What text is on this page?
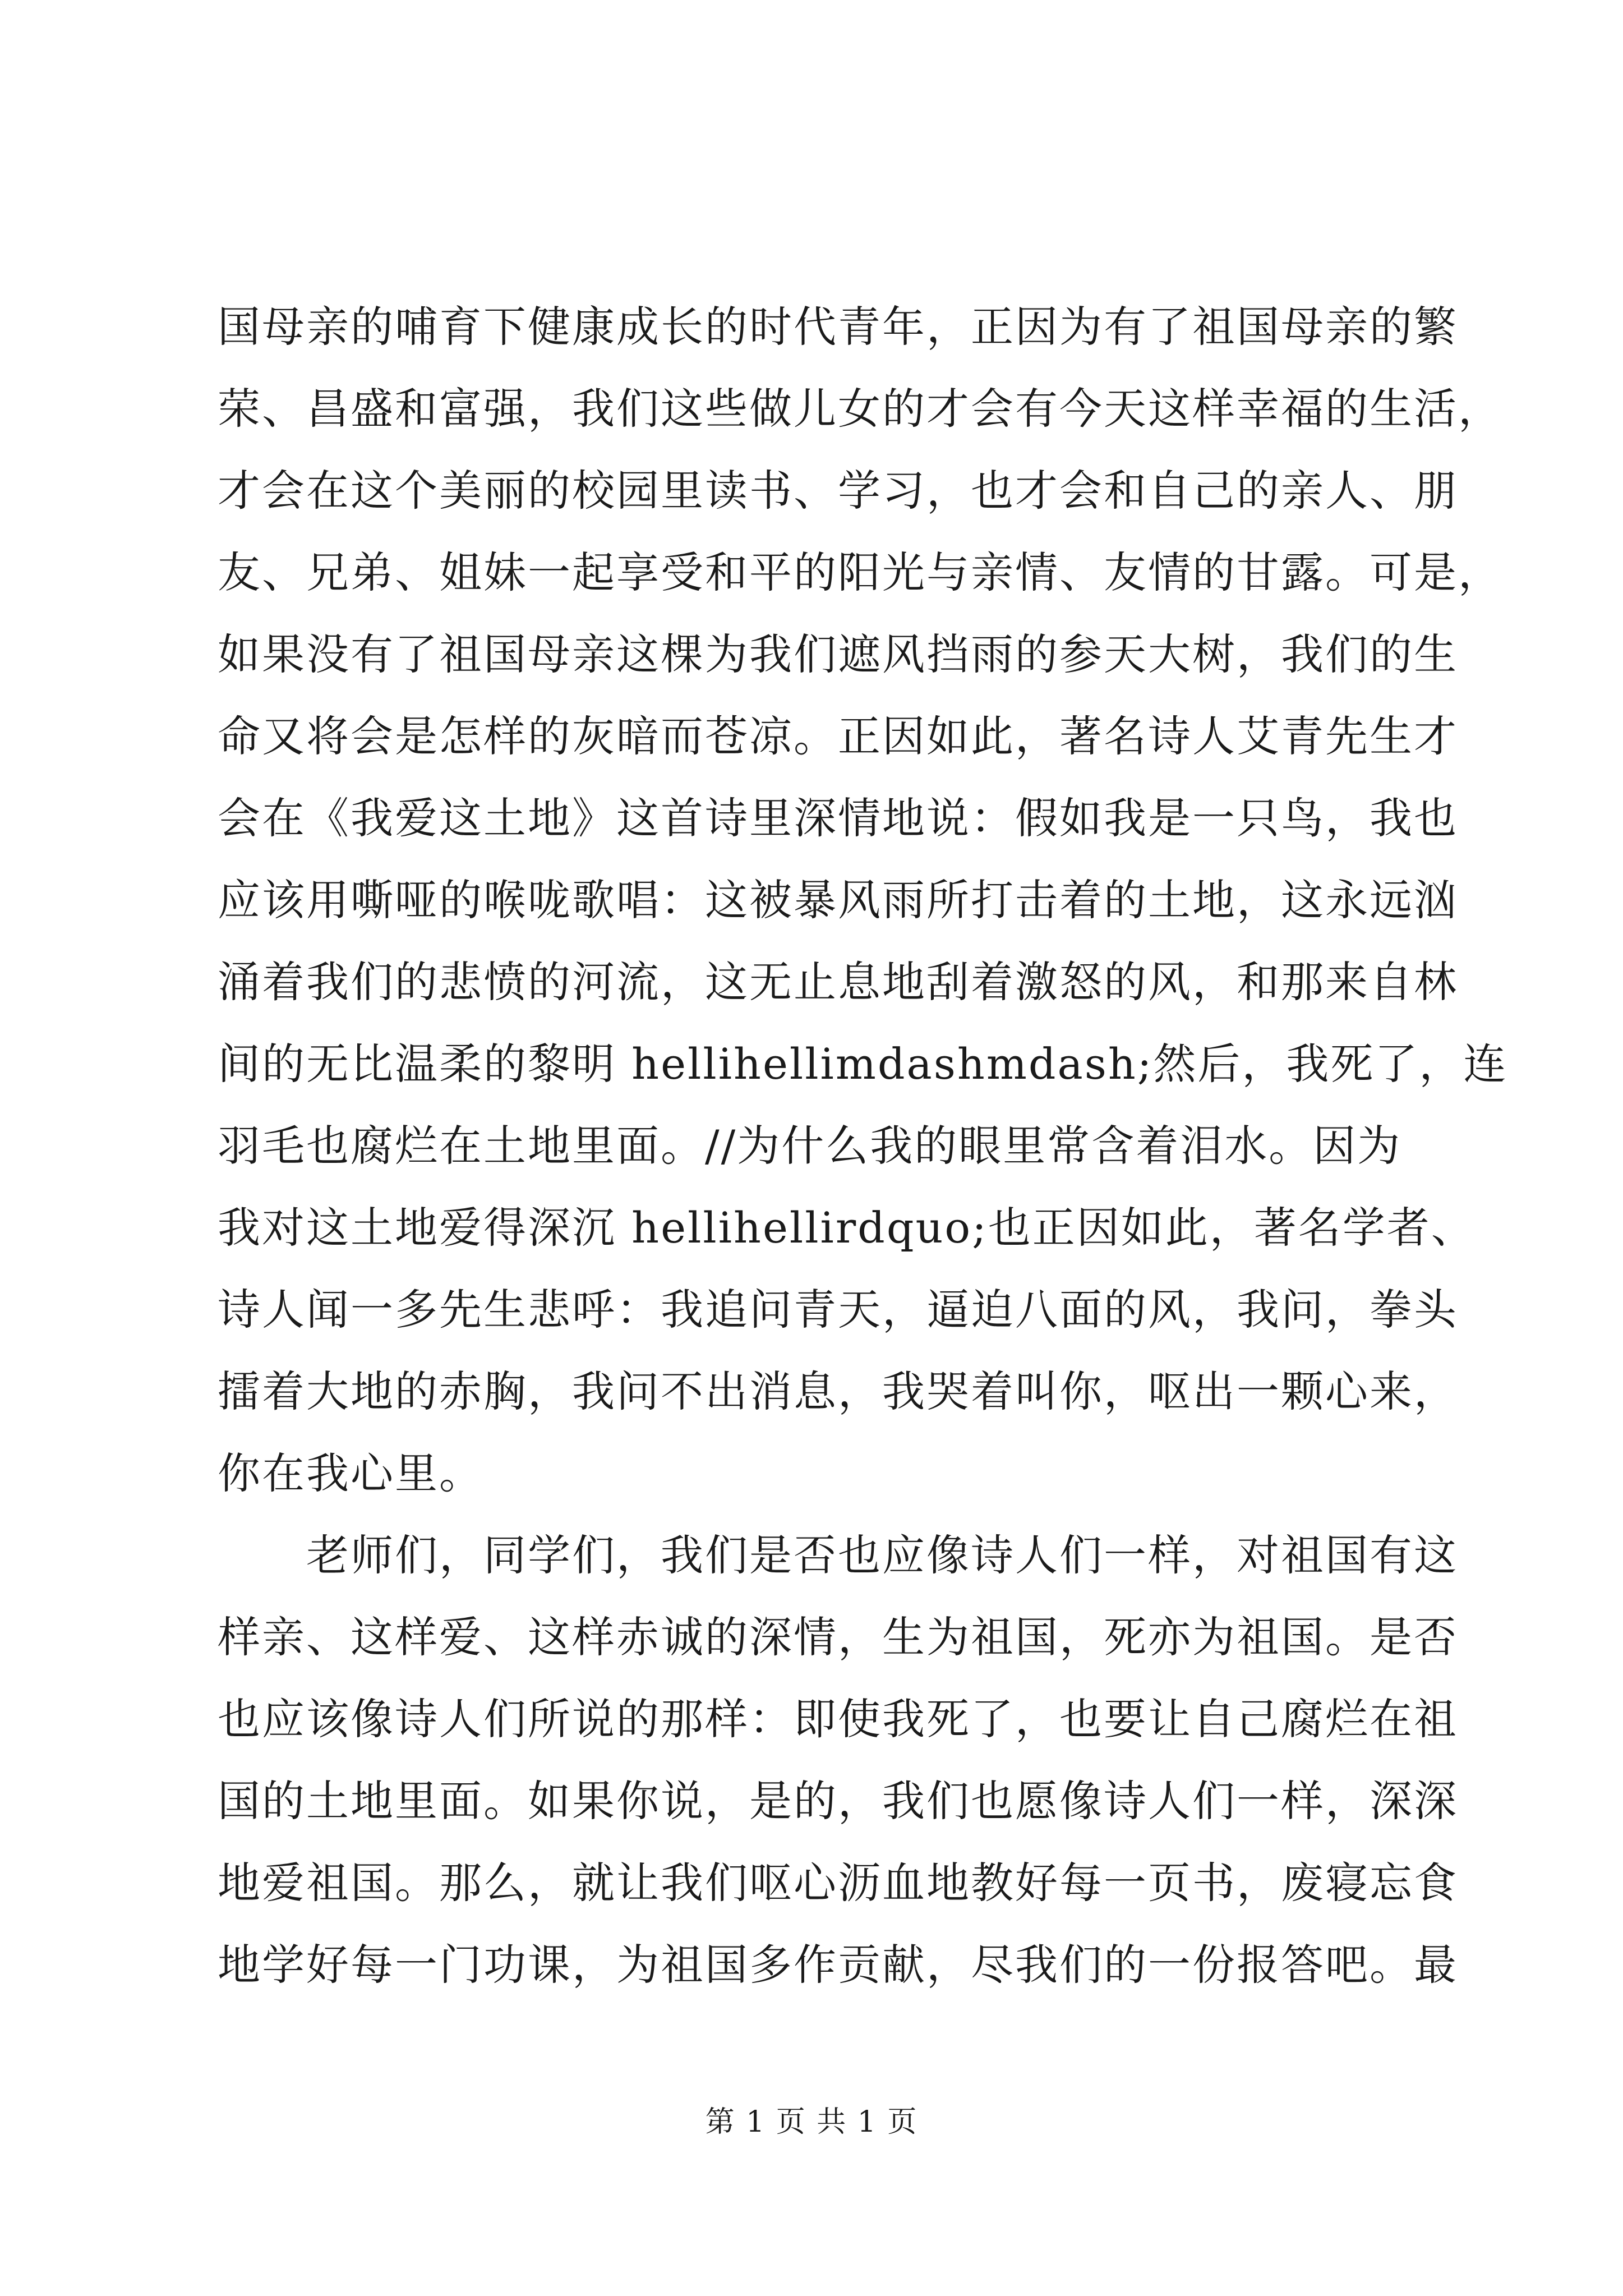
国母亲的哺育下健康成长的时代青年，正因为有了祖国母亲的繁
荣、昌盛和富强，我们这些做儿女的才会有今天这样幸福的生活，
才会在这个美丽的校园里读书、学习，也才会和自己的亲人、朋
友、兄弟、姐妹一起享受和平的阳光与亲情、友情的甘露。可是，
如果没有了祖国母亲这棵为我们遮风挡雨的参天大树，我们的生
命又将会是怎样的灰暗而苍凉。正因如此，著名诗人艾青先生才
会在《我爱这土地》这首诗里深情地说：假如我是一只鸟，我也
应该用嘶哑的喉咙歌唱：这被暴风雨所打击着的土地，这永远汹
涌着我们的悲愤的河流，这无止息地刮着激怒的风，和那来自林
间的无比温柔的黎明 hellihellimdashmdash;然后，我死了，连
羽毛也腐烂在土地里面。//为什么我的眼里常含着泪水。因为
我对这土地爱得深沉 hellihellirdquo;也正因如此，著名学者、
诗人闻一多先生悲呼：我追问青天，逼迫八面的风，我问，拳头
擂着大地的赤胸，我问不出消息，我哭着叫你，呕出一颗心来，
你在我心里。
老师们，同学们，我们是否也应像诗人们一样，对祖国有这
样亲、这样爱、这样赤诚的深情，生为祖国，死亦为祖国。是否
也应该像诗人们所说的那样：即使我死了，也要让自己腐烂在祖
国的土地里面。如果你说，是的，我们也愿像诗人们一样，深深
地爱祖国。那么，就让我们呕心沥血地教好每一页书，废寝忘食
地学好每一门功课，为祖国多作贡献，尽我们的一份报答吧。最
第 1 页 共 1 页
